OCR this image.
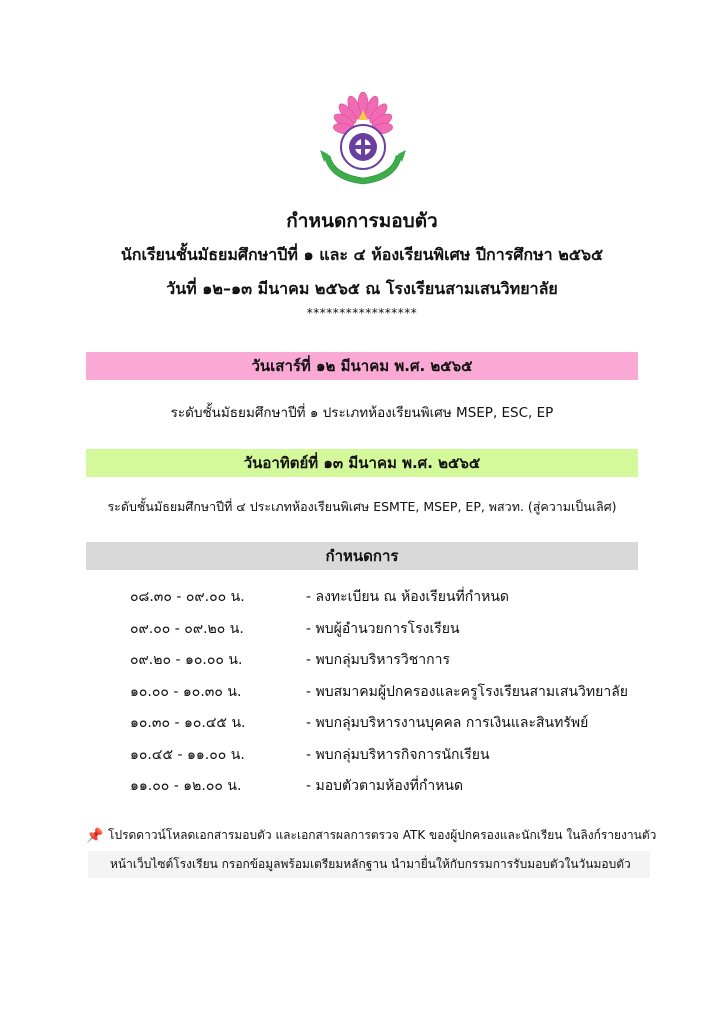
กำหนดการมอบตัว
นักเรียนชั้นมัธยมศึกษาปีที่ ๑ และ ๔ ห้องเรียนพิเศษ ปีการศึกษา ๒๕๖๕
วันที่ ๑๒–๑๓ มีนาคม ๒๕๖๕ ณ โรงเรียนสามเสนวิทยาลัย
*****************
วันเสาร์ที่ ๑๒ มีนาคม พ.ศ. ๒๕๖๕
ระดับชั้นมัธยมศึกษาปีที่ ๑ ประเภทห้องเรียนพิเศษ MSEP, ESC, EP
วันอาทิตย์ที่ ๑๓ มีนาคม พ.ศ. ๒๕๖๕
ระดับชั้นมัธยมศึกษาปีที่ ๔ ประเภทห้องเรียนพิเศษ ESMTE, MSEP, EP, พสวท. (สู่ความเป็นเลิศ)
กำหนดการ
๐๘.๓๐ - ๐๙.๐๐ น.	- ลงทะเบียน ณ ห้องเรียนที่กำหนด
๐๙.๐๐ - ๐๙.๒๐ น.	- พบผู้อำนวยการโรงเรียน
๐๙.๒๐ - ๑๐.๐๐ น.	- พบกลุ่มบริหารวิชาการ
๑๐.๐๐ - ๑๐.๓๐ น.	- พบสมาคมผู้ปกครองและครูโรงเรียนสามเสนวิทยาลัย
๑๐.๓๐ - ๑๐.๔๕ น.	- พบกลุ่มบริหารงานบุคคล การเงินและสินทรัพย์
๑๐.๔๕ - ๑๑.๐๐ น.	- พบกลุ่มบริหารกิจการนักเรียน
๑๑.๐๐ - ๑๒.๐๐ น.	- มอบตัวตามห้องที่กำหนด
📌 โปรดดาวน์โหลดเอกสารมอบตัว และเอกสารผลการตรวจ ATK ของผู้ปกครองและนักเรียน ในลิงก์รายงานตัว
หน้าเว็บไซต์โรงเรียน กรอกข้อมูลพร้อมเตรียมหลักฐาน นำมายื่นให้กับกรรมการรับมอบตัวในวันมอบตัว
